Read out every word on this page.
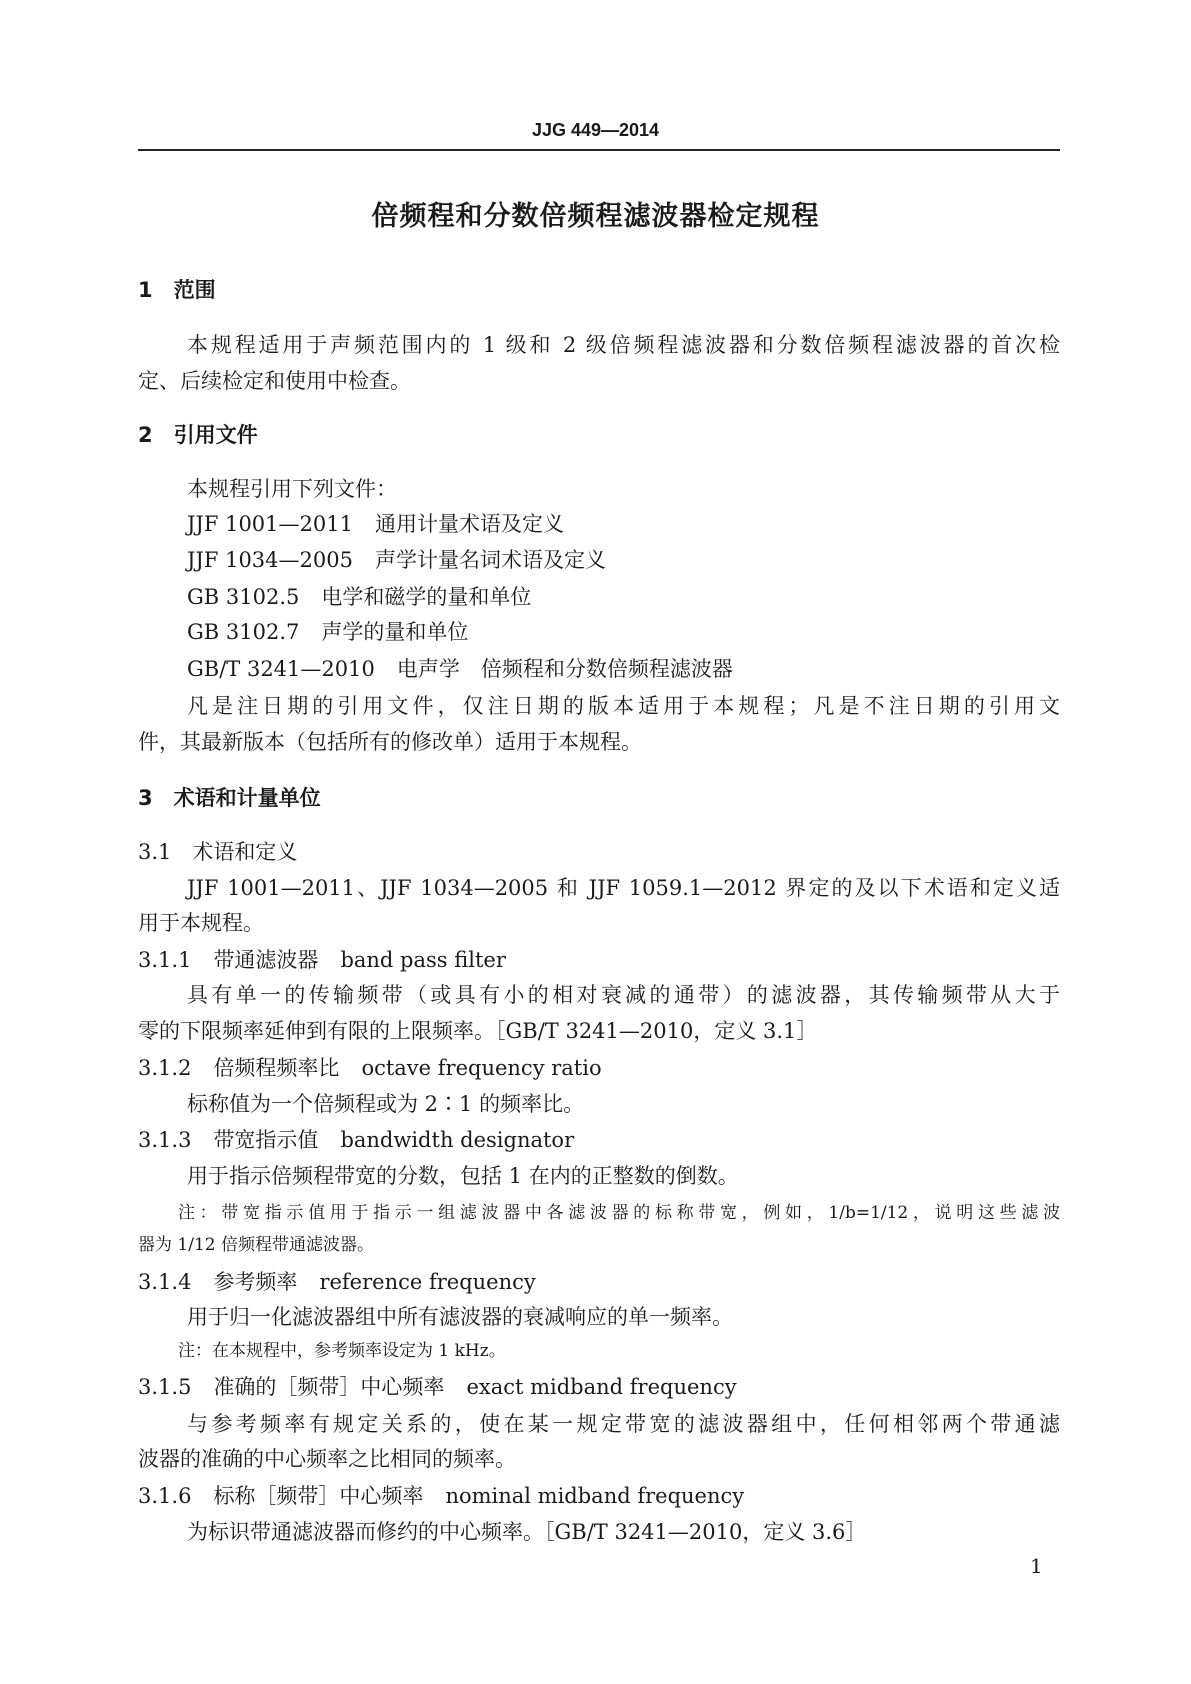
JJG 449—2014
倍频程和分数倍频程滤波器检定规程
1　范围
本规程适用于声频范围内的 1 级和 2 级倍频程滤波器和分数倍频程滤波器的首次检
定、后续检定和使用中检查。
2　引用文件
本规程引用下列文件：
JJF 1001—2011 通用计量术语及定义
JJF 1034—2005 声学计量名词术语及定义
GB 3102.5 电学和磁学的量和单位
GB 3102.7 声学的量和单位
GB/T 3241—2010 电声学　倍频程和分数倍频程滤波器
凡是注日期的引用文件，仅注日期的版本适用于本规程；凡是不注日期的引用文
件，其最新版本（包括所有的修改单）适用于本规程。
3　术语和计量单位
3.1　术语和定义
JJF 1001—2011、JJF 1034—2005 和 JJF 1059.1—2012 界定的及以下术语和定义适
用于本规程。
3.1.1 带通滤波器 band pass filter
具有单一的传输频带（或具有小的相对衰减的通带）的滤波器，其传输频带从大于
零的下限频率延伸到有限的上限频率。［GB/T 3241—2010，定义 3.1］
3.1.2 倍频程频率比 octave frequency ratio
标称值为一个倍频程或为 2∶1 的频率比。
3.1.3 带宽指示值 bandwidth designator
用于指示倍频程带宽的分数，包括 1 在内的正整数的倒数。
注：带宽指示值用于指示一组滤波器中各滤波器的标称带宽，例如，1/b=1/12，说明这些滤波
器为 1/12 倍频程带通滤波器。
3.1.4 参考频率 reference frequency
用于归一化滤波器组中所有滤波器的衰减响应的单一频率。
注：在本规程中，参考频率设定为 1 kHz。
3.1.5 准确的［频带］中心频率 exact midband frequency
与参考频率有规定关系的，使在某一规定带宽的滤波器组中，任何相邻两个带通滤
波器的准确的中心频率之比相同的频率。
3.1.6 标称［频带］中心频率 nominal midband frequency
为标识带通滤波器而修约的中心频率。［GB/T 3241—2010，定义 3.6］
1
